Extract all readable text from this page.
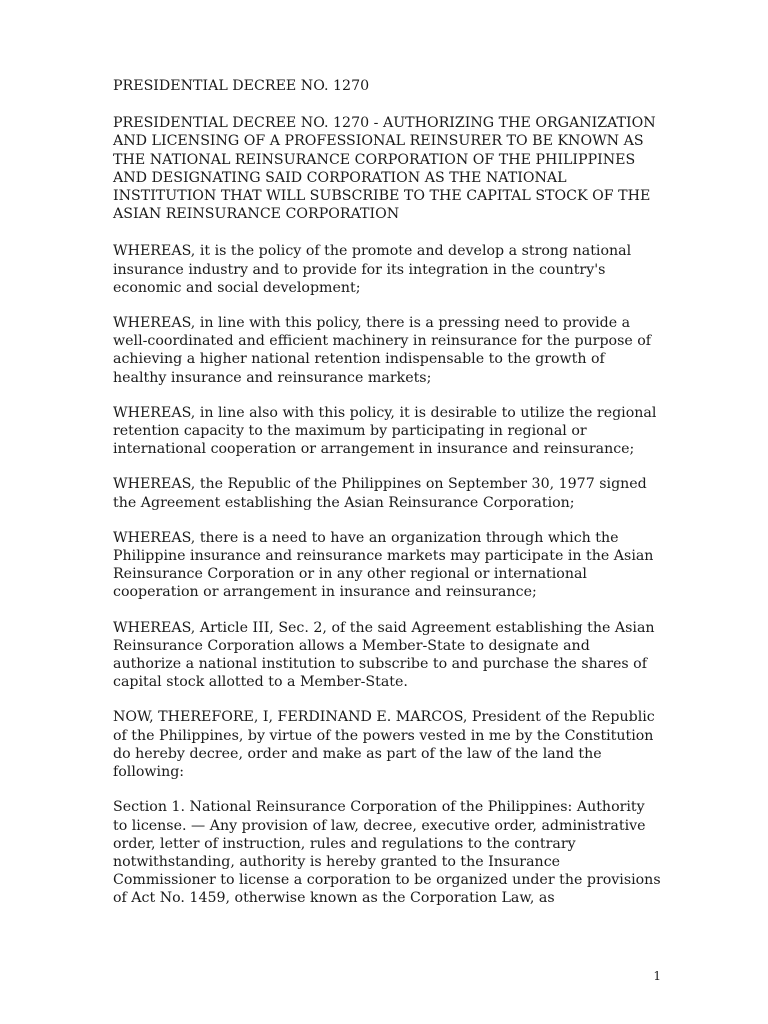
PRESIDENTIAL DECREE NO. 1270

PRESIDENTIAL DECREE NO. 1270 - AUTHORIZING THE ORGANIZATION AND LICENSING OF A PROFESSIONAL REINSURER TO BE KNOWN AS THE NATIONAL REINSURANCE CORPORATION OF THE PHILIPPINES AND DESIGNATING SAID CORPORATION AS THE NATIONAL INSTITUTION THAT WILL SUBSCRIBE TO THE CAPITAL STOCK OF THE ASIAN REINSURANCE CORPORATION

WHEREAS, it is the policy of the promote and develop a strong national insurance industry and to provide for its integration in the country's economic and social development;

WHEREAS, in line with this policy, there is a pressing need to provide a well-coordinated and efficient machinery in reinsurance for the purpose of achieving a higher national retention indispensable to the growth of healthy insurance and reinsurance markets;

WHEREAS, in line also with this policy, it is desirable to utilize the regional retention capacity to the maximum by participating in regional or international cooperation or arrangement in insurance and reinsurance;

WHEREAS, the Republic of the Philippines on September 30, 1977 signed the Agreement establishing the Asian Reinsurance Corporation;

WHEREAS, there is a need to have an organization through which the Philippine insurance and reinsurance markets may participate in the Asian Reinsurance Corporation or in any other regional or international cooperation or arrangement in insurance and reinsurance;

WHEREAS, Article III, Sec. 2, of the said Agreement establishing the Asian Reinsurance Corporation allows a Member-State to designate and authorize a national institution to subscribe to and purchase the shares of capital stock allotted to a Member-State.

NOW, THEREFORE, I, FERDINAND E. MARCOS, President of the Republic of the Philippines, by virtue of the powers vested in me by the Constitution do hereby decree, order and make as part of the law of the land the following:

Section 1. National Reinsurance Corporation of the Philippines: Authority to license. — Any provision of law, decree, executive order, administrative order, letter of instruction, rules and regulations to the contrary notwithstanding, authority is hereby granted to the Insurance Commissioner to license a corporation to be organized under the provisions of Act No. 1459, otherwise known as the Corporation Law, as

1
